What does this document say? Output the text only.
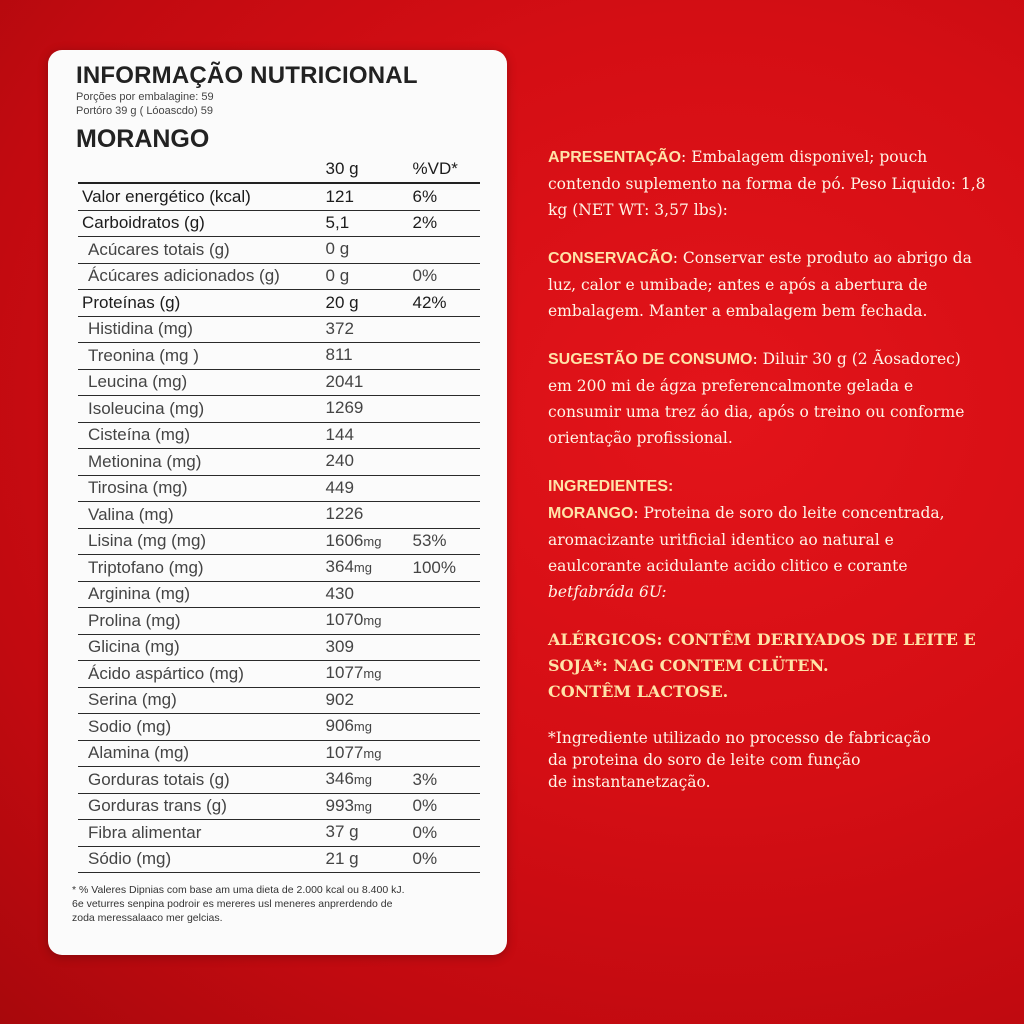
INFORMAÇÃO NUTRICIONAL
Porções por embalagine: 59
Portóro 39 g ( Lóoascdo) 59
MORANGO
	30 g	%VD*
Valor energético (kcal)	121	6%
Carboidratos (g)	5,1	2%
Acúcares totais (g)	0 g	
Ácúcares adicionados (g)	0 g	0%
Proteínas (g)	20 g	42%
Histidina (mg)	372	
Treonina (mg )	811	
Leucina (mg)	2041	
Isoleucina (mg)	1269	
Cisteína (mg)	144	
Metionina (mg)	240	
Tirosina (mg)	449	
Valina (mg)	1226	
Lisina (mg (mg)	1606mg	53%
Triptofano (mg)	364mg	100%
Arginina (mg)	430	
Prolina (mg)	1070mg	
Glicina (mg)	309	
Ácido aspártico (mg)	1077mg	
Serina (mg)	902	
Sodio (mg)	906mg	
Alamina (mg)	1077mg	
Gorduras totais (g)	346mg	3%
Gorduras trans (g)	993mg	0%
Fibra alimentar	37 g	0%
Sódio (mg)	21 g	0%
* % Valeres Dipnias com base am uma dieta de 2.000 kcal ou 8.400 kJ.
6e veturres senpina podroir es mereres usl meneres anprerdendo de
zoda meressalaaco mer gelcias.

APRESENTAÇÃO: Embalagem disponivel; pouch contendo suplemento na forma de pó. Peso Liquido: 1,8 kg (NET WT: 3,57 lbs):

CONSERVACÃO: Conservar este produto ao abrigo da luz, calor e umibade; antes e após a abertura de embalagem. Manter a embalagem bem fechada.

SUGESTÃO DE CONSUMO: Diluir 30 g (2 Ãosadorec) em 200 mi de ágza preferencalmonte gelada e consumir uma trez áo dia, após o treino ou conforme orientação profissional.

INGREDIENTES:
MORANGO: Proteina de soro do leite concentrada, aromacizante uritficial identico ao natural e eaulcorante acidulante acido clitico e corante betfabráda 6U:

ALÉRGICOS: CONTÊM DERIYADOS DE LEITE E
SOJA*: NAG CONTEM CLÜTEN.
CONTÊM LACTOSE.

*Ingrediente utilizado no processo de fabricação
da proteina do soro de leite com função
de instantanetzação.
